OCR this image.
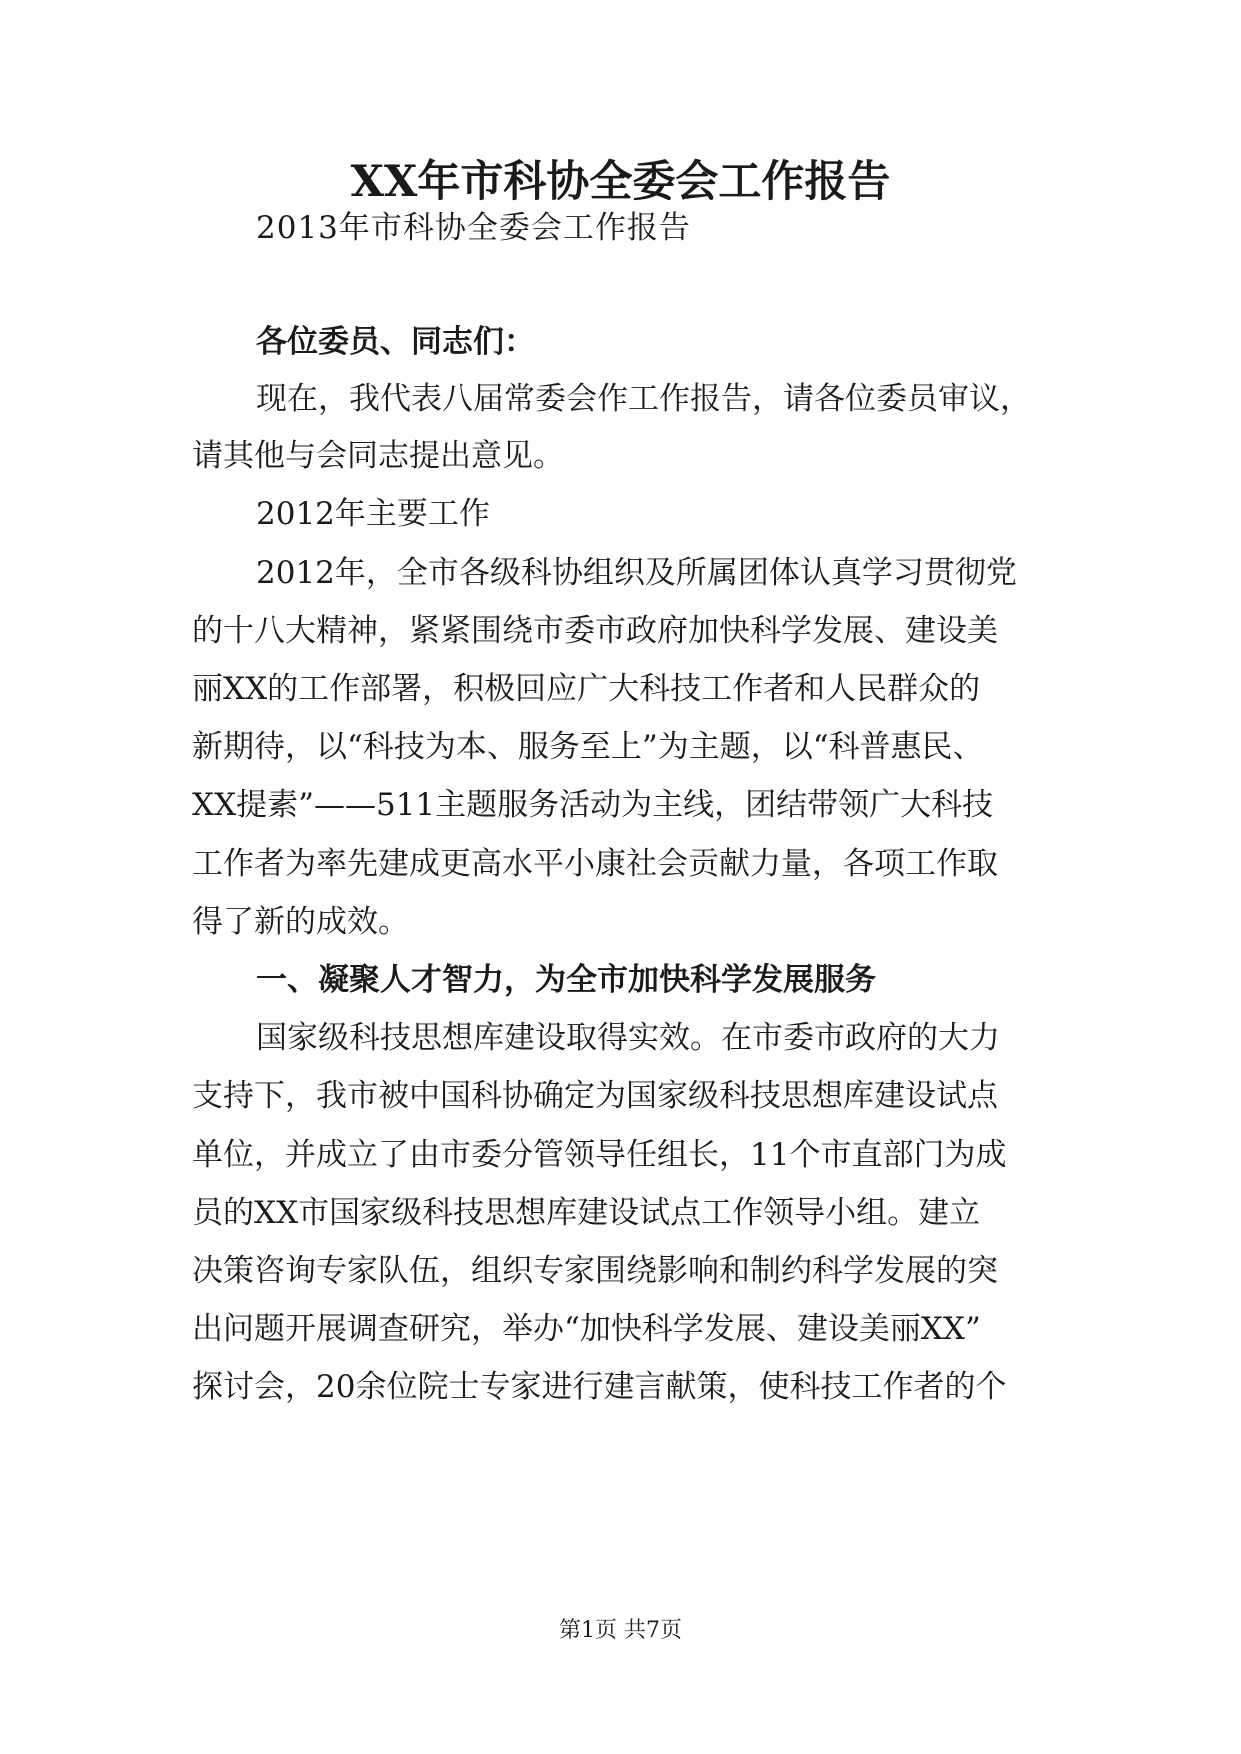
XX年市科协全委会工作报告

2013年市科协全委会工作报告

各位委员、同志们：

现在，我代表八届常委会作工作报告，请各位委员审议，

请其他与会同志提出意见。

2012年主要工作

2012年，全市各级科协组织及所属团体认真学习贯彻党

的十八大精神，紧紧围绕市委市政府加快科学发展、建设美

丽XX的工作部署，积极回应广大科技工作者和人民群众的

新期待，以“科技为本、服务至上”为主题，以“科普惠民、

XX提素”——511主题服务活动为主线，团结带领广大科技

工作者为率先建成更高水平小康社会贡献力量，各项工作取

得了新的成效。

一、凝聚人才智力，为全市加快科学发展服务

国家级科技思想库建设取得实效。在市委市政府的大力

支持下，我市被中国科协确定为国家级科技思想库建设试点

单位，并成立了由市委分管领导任组长，11个市直部门为成

员的XX市国家级科技思想库建设试点工作领导小组。建立

决策咨询专家队伍，组织专家围绕影响和制约科学发展的突

出问题开展调查研究，举办“加快科学发展、建设美丽XX”

探讨会，20余位院士专家进行建言献策，使科技工作者的个

第1页 共7页
